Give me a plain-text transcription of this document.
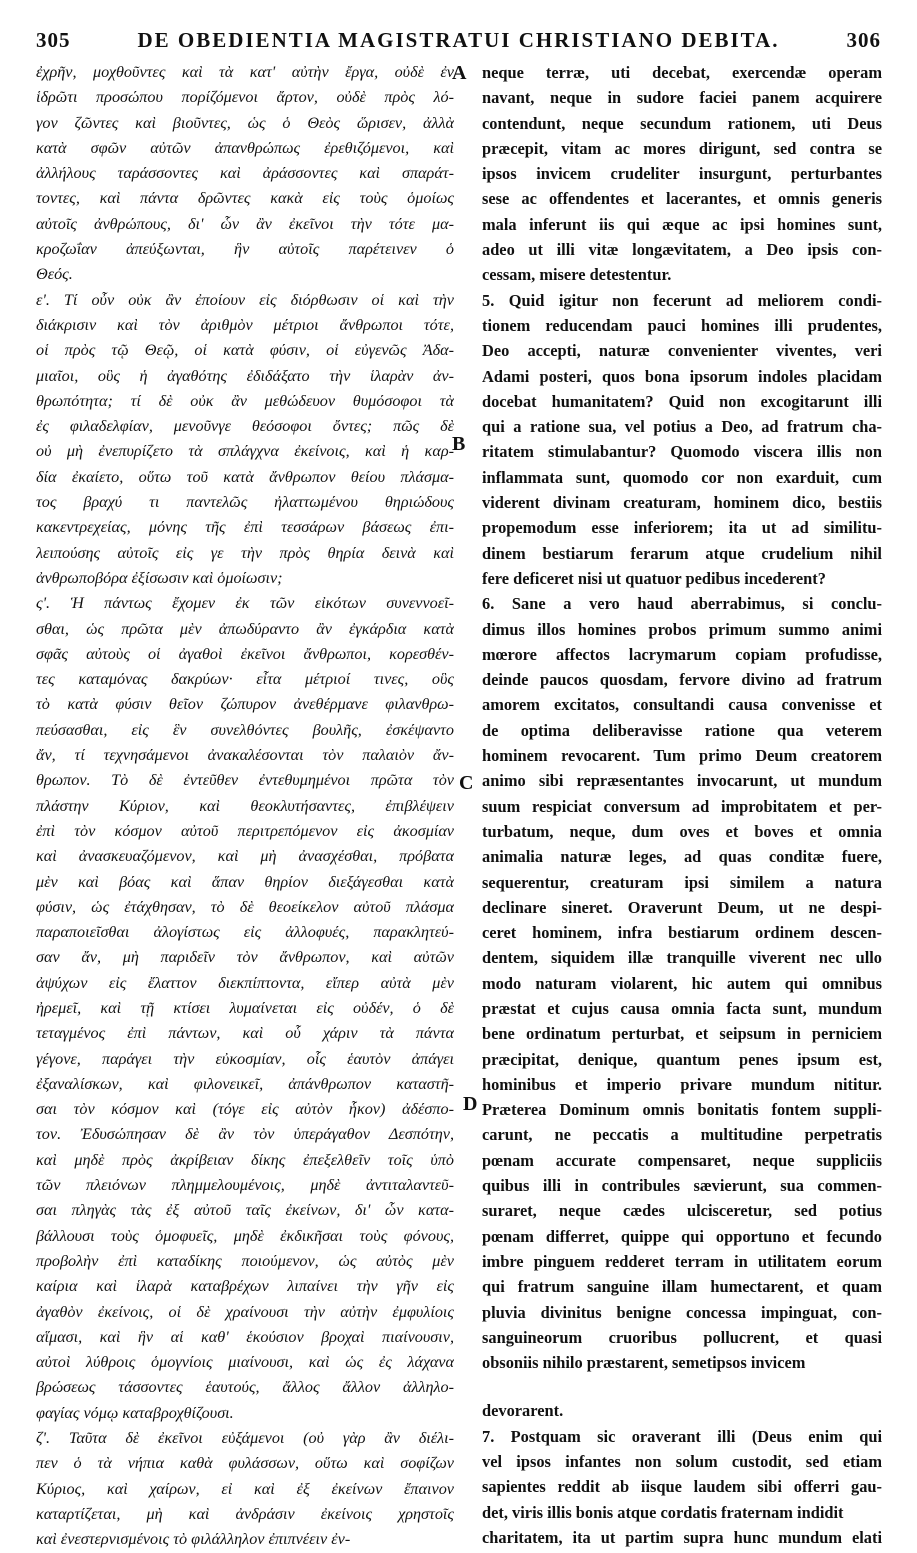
305	DE OBEDIENTIA MAGISTRATUI CHRISTIANO DEBITA.	306
ἐχρῆν, μοχθοῦντες καὶ τὰ κατ' αὐτὴν ἔργα, οὐδὲ ἐν
ἱδρῶτι προσώπου πορίζόμενοι ἄρτον, οὐδὲ πρὸς λό-
γον ζῶντες καὶ βιοῦντες, ὡς ὁ Θεὸς ὥρισεν, ἀλλὰ
κατὰ σφῶν αὐτῶν ἀπανθρώπως ἐρεθιζόμενοι, καὶ
ἀλλήλους ταράσσοντες καὶ ἀράσσοντες καὶ σπαράτ-
τοντες, καὶ πάντα δρῶντες κακὰ εἰς τοὺς ὁμοίως
αὐτοῖς ἀνθρώπους, δι' ὧν ἂν ἐκεῖνοι τὴν τότε μα-
κροζωΐαν ἀπεύξωνται, ἣν αὐτοῖς παρέτεινεν ὁ
Θεός.
ε'. Τί οὖν οὐκ ἂν ἐποίουν εἰς διόρθωσιν οἱ καὶ τὴν
διάκρισιν καὶ τὸν ἀριθμὸν μέτριοι ἄνθρωποι τότε,
οἱ πρὸς τῷ Θεῷ, οἱ κατὰ φύσιν, οἱ εὐγενῶς Ἀδα-
μιαῖοι, οὓς ἡ ἀγαθότης ἐδιδάξατο τὴν ἱλαρὰν ἀν-
θρωπότητα; τί δὲ οὐκ ἂν μεθώδευον θυμόσοφοι τὰ
ἐς φιλαδελφίαν, μενοῦνγε θεόσοφοι ὄντες; πῶς δὲ
οὐ μὴ ἐνεπυρίζετο τὰ σπλάγχνα ἐκείνοις, καὶ ἡ καρ-
δία ἐκαίετο, οὕτω τοῦ κατὰ ἄνθρωπον θείου πλάσμα-
τος βραχύ τι παντελῶς ἠλαττωμένου θηριώδους
κακεντρεχείας, μόνης τῆς ἐπὶ τεσσάρων βάσεως ἐπι-
λειπούσης αὐτοῖς εἰς γε τὴν πρὸς θηρία δεινὰ καὶ
ἀνθρωποβόρα ἐξίσωσιν καὶ ὁμοίωσιν;
ς'. Ἡ πάντως ἔχομεν ἐκ τῶν εἰκότων συνεννοεῖ-
σθαι, ὡς πρῶτα μὲν ἀπωδύραντο ἂν ἐγκάρδια κατὰ
σφᾶς αὐτοὺς οἱ ἀγαθοὶ ἐκεῖνοι ἄνθρωποι, κορεσθέν-
τες καταμόνας δακρύων· εἶτα μέτριοί τινες, οὓς
τὸ κατὰ φύσιν θεῖον ζώπυρον ἀνεθέρμανε φιλανθρω-
πεύσασθαι, εἰς ἓν συνελθόντες βουλῆς, ἐσκέψαντο
ἄν, τί τεχνησάμενοι ἀνακαλέσονται τὸν παλαιὸν ἄν-
θρωπον. Τὸ δὲ ἐντεῦθεν ἐντεθυμημένοι πρῶτα τὸν
πλάστην Κύριον, καὶ θεοκλυτήσαντες, ἐπιβλέψειν
ἐπὶ τὸν κόσμον αὐτοῦ περιτρεπόμενον εἰς ἀκοσμίαν
καὶ ἀνασκευαζόμενον, καὶ μὴ ἀνασχέσθαι, πρόβατα
μὲν καὶ βόας καὶ ἅπαν θηρίον διεξάγεσθαι κατὰ
φύσιν, ὡς ἐτάχθησαν, τὸ δὲ θεοείκελον αὐτοῦ πλάσμα
παραποιεῖσθαι ἀλογίστως εἰς ἀλλοφυές, παρακλητεύ-
σαν ἄν, μὴ παριδεῖν τὸν ἄνθρωπον, καὶ αὐτῶν
ἀψύχων εἰς ἔλαττον διεκπίπτοντα, εἴπερ αὐτὰ μὲν
ἠρεμεῖ, καὶ τῇ κτίσει λυμαίνεται εἰς οὐδέν, ὁ δὲ
τεταγμένος ἐπὶ πάντων, καὶ οὗ χάριν τὰ πάντα
γέγονε, παράγει τὴν εὐκοσμίαν, οἷς ἑαυτὸν ἀπάγει
ἐξαναλίσκων, καὶ φιλονεικεῖ, ἀπάνθρωπον καταστῆ-
σαι τὸν κόσμον καὶ (τόγε εἰς αὐτὸν ἧκον) ἀδέσπο-
τον. Ἐδυσώπησαν δὲ ἂν τὸν ὑπεράγαθον Δεσπότην,
καὶ μηδὲ πρὸς ἀκρίβειαν δίκης ἐπεξελθεῖν τοῖς ὑπὸ
τῶν πλειόνων πλημμελουμένοις, μηδὲ ἀντιταλαντεῦ-
σαι πληγὰς τὰς ἐξ αὐτοῦ ταῖς ἐκείνων, δι' ὧν κατα-
βάλλουσι τοὺς ὁμοφυεῖς, μηδὲ ἐκδικῆσαι τοὺς φόνους,
προβολὴν ἐπὶ καταδίκης ποιούμενον, ὡς αὐτὸς μὲν
καίρια καὶ ἱλαρὰ καταβρέχων λιπαίνει τὴν γῆν εἰς
ἀγαθὸν ἐκείνοις, οἱ δὲ χραίνουσι τὴν αὐτὴν ἐμφυλίοις
αἵμασι, καὶ ἣν αἱ καθ' ἑκούσιον βροχαὶ πιαίνουσιν,
αὐτοὶ λύθροις ὁμογνίοις μιαίνουσι, καὶ ὡς ἐς λάχανα
βρώσεως τάσσοντες ἑαυτούς, ἄλλος ἄλλον ἀλληλο-
φαγίας νόμῳ καταβροχθίζουσι.
ζ'. Ταῦτα δὲ ἐκεῖνοι εὐξάμενοι (οὐ γὰρ ἂν διέλι-
πεν ὁ τὰ νήπια καθὰ φυλάσσων, οὕτω καὶ σοφίζων
Κύριος, καὶ χαίρων, εἰ καὶ ἐξ ἐκείνων ἔπαινον
καταρτίζεται, μὴ καὶ ἀνδράσιν ἐκείνοις χρηστοῖς
καὶ ἐνεστερνισμένοις τὸ φιλάλληλον ἐπιπνέειν ἐν-
neque terræ, uti decebat, exercendæ operam
navant, neque in sudore faciei panem acquirere
contendunt, neque secundum rationem, uti Deus
præcepit, vitam ac mores dirigunt, sed contra se
ipsos invicem crudeliter insurgunt, perturbantes
sese ac offendentes et lacerantes, et omnis generis
mala inferunt iis qui æque ac ipsi homines sunt,
adeo ut illi vitæ longævitatem, a Deo ipsis con-
cessam, misere detestentur.
5. Quid igitur non fecerunt ad meliorem condi-
tionem reducendam pauci homines illi prudentes,
Deo accepti, naturæ convenienter viventes, veri
Adami posteri, quos bona ipsorum indoles placidam
docebat humanitatem? Quid non excogitarunt illi
qui a ratione sua, vel potius a Deo, ad fratrum cha-
ritatem stimulabantur? Quomodo viscera illis non
inflammata sunt, quomodo cor non exarduit, cum
viderent divinam creaturam, hominem dico, bestiis
propemodum esse inferiorem; ita ut ad similitu-
dinem bestiarum ferarum atque crudelium nihil
fere deficeret nisi ut quatuor pedibus incederent?
6. Sane a vero haud aberrabimus, si conclu-
dimus illos homines probos primum summo animi
mœrore affectos lacrymarum copiam profudisse,
deinde paucos quosdam, fervore divino ad fratrum
amorem excitatos, consultandi causa convenisse et
de optima deliberavisse ratione qua veterem
hominem revocarent. Tum primo Deum creatorem
animo sibi repræsentantes invocarunt, ut mundum
suum respiciat conversum ad improbitatem et per-
turbatum, neque, dum oves et boves et omnia
animalia naturæ leges, ad quas conditæ fuere,
sequerentur, creaturam ipsi similem a natura
declinare sineret. Oraverunt Deum, ut ne despi-
ceret hominem, infra bestiarum ordinem descen-
dentem, siquidem illæ tranquille viverent nec ullo
modo naturam violarent, hic autem qui omnibus
præstat et cujus causa omnia facta sunt, mundum
bene ordinatum perturbat, et seipsum in perniciem
præcipitat, denique, quantum penes ipsum est,
hominibus et imperio privare mundum nititur.
Præterea Dominum omnis bonitatis fontem suppli-
carunt, ne peccatis a multitudine perpetratis
pœnam accurate compensaret, neque suppliciis
quibus illi in contribules sævierunt, sua commen-
suraret, neque cædes ulcisceretur, sed potius
pœnam differret, quippe qui opportuno et fecundo
imbre pinguem redderet terram in utilitatem eorum
qui fratrum sanguine illam humectarent, et quam
pluvia divinitus benigne concessa impinguat, con-
sanguineorum cruoribus pollucrent, et quasi
obsoniis nihilo præstarent, semetipsos invicem
devorarent.
7. Postquam sic oraverant illi (Deus enim qui
vel ipsos infantes non solum custodit, sed etiam
sapientes reddit ab iisque laudem sibi offerri gau-
det, viris illis bonis atque cordatis fraternam indidit
charitatem, ita ut partim supra hunc mundum elati
A
B
C
D
